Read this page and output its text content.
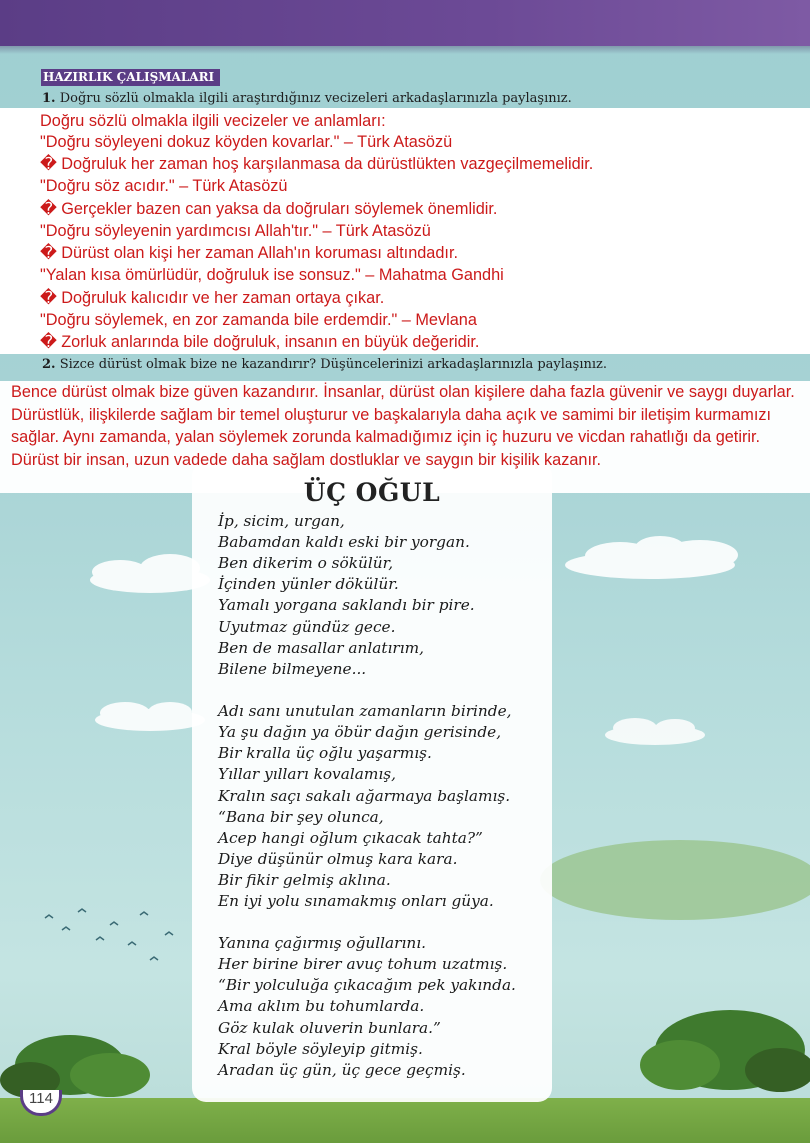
HAZIRLIK ÇALIŞMALARI
1. Doğru sözlü olmakla ilgili araştırdığınız vecizeleri arkadaşlarınızla paylaşınız.
Doğru sözlü olmakla ilgili vecizeler ve anlamları:
"Doğru söyleyeni dokuz köyden kovarlar." – Türk Atasözü
� Doğruluk her zaman hoş karşılanmasa da dürüstlükten vazgeçilmemelidir.
"Doğru söz acıdır." – Türk Atasözü
� Gerçekler bazen can yaksa da doğruları söylemek önemlidir.
"Doğru söyleyenin yardımcısı Allah'tır." – Türk Atasözü
� Dürüst olan kişi her zaman Allah'ın koruması altındadır.
"Yalan kısa ömürlüdür, doğruluk ise sonsuz." – Mahatma Gandhi
� Doğruluk kalıcıdır ve her zaman ortaya çıkar.
"Doğru söylemek, en zor zamanda bile erdemdir." – Mevlana
� Zorluk anlarında bile doğruluk, insanın en büyük değeridir.
2. Sizce dürüst olmak bize ne kazandırır? Düşüncelerinizi arkadaşlarınızla paylaşınız.
Bence dürüst olmak bize güven kazandırır. İnsanlar, dürüst olan kişilere daha fazla güvenir ve saygı duyarlar. Dürüstlük, ilişkilerde sağlam bir temel oluşturur ve başkalarıyla daha açık ve samimi bir iletişim kurmamızı sağlar. Aynı zamanda, yalan söylemek zorunda kalmadığımız için iç huzuru ve vicdan rahatlığı da getirir. Dürüst bir insan, uzun vadede daha sağlam dostluklar ve saygın bir kişilik kazanır.
ÜÇ OĞUL
İp, sicim, urgan,
Babamdan kaldı eski bir yorgan.
Ben dikerim o sökülür,
İçinden yünler dökülür.
Yamalı yorgana saklandı bir pire.
Uyutmaz gündüz gece.
Ben de masallar anlatırım,
Bilene bilmeyene...
Adı sanı unutulan zamanların birinde,
Ya şu dağın ya öbür dağın gerisinde,
Bir kralla üç oğlu yaşarmış.
Yıllar yılları kovalamış,
Kralın saçı sakalı ağarmaya başlamış.
“Bana bir şey olunca,
Acep hangi oğlum çıkacak tahta?”
Diye düşünür olmuş kara kara.
Bir fikir gelmiş aklına.
En iyi yolu sınamakmış onları güya.
Yanına çağırmış oğullarını.
Her birine birer avuç tohum uzatmış.
“Bir yolculuğa çıkacağım pek yakında.
Ama aklım bu tohumlarda.
Göz kulak oluverin bunlara.”
Kral böyle söyleyip gitmiş.
Aradan üç gün, üç gece geçmiş.
114
